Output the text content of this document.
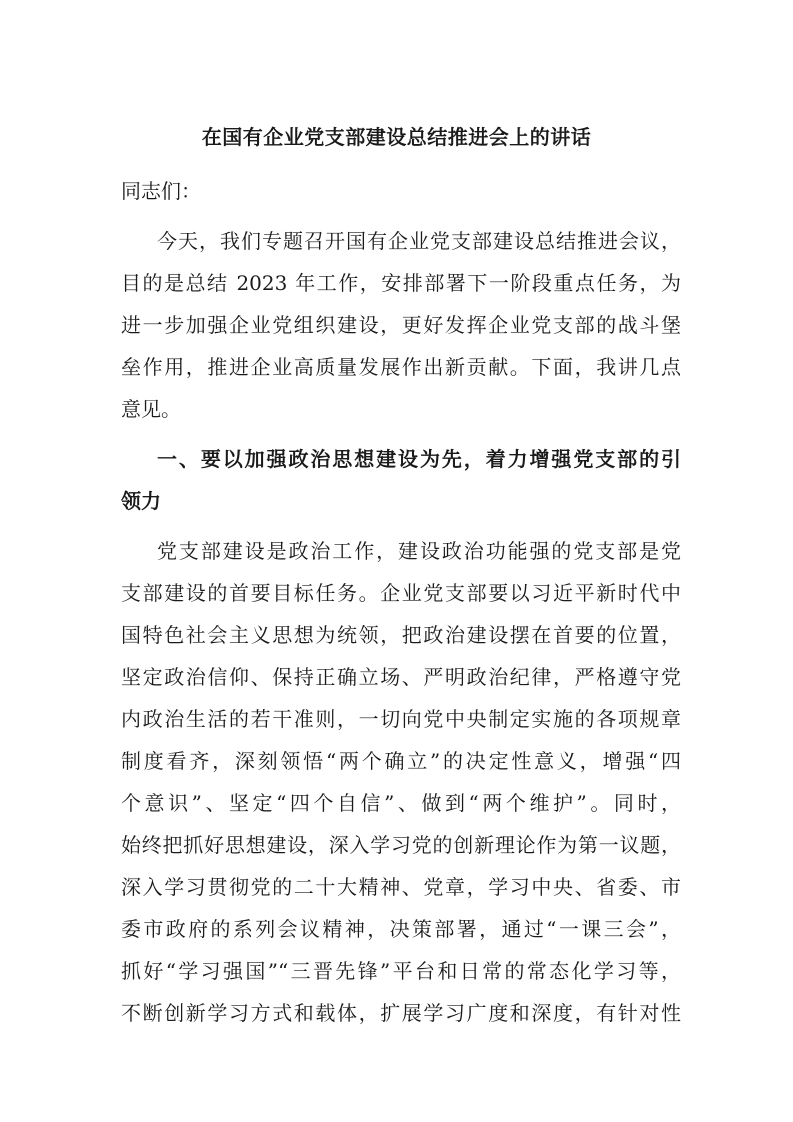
在国有企业党支部建设总结推进会上的讲话
同志们：
今天，我们专题召开国有企业党支部建设总结推进会议，
目的是总结 2023 年工作，安排部署下一阶段重点任务，为
进一步加强企业党组织建设，更好发挥企业党支部的战斗堡
垒作用，推进企业高质量发展作出新贡献。下面，我讲几点
意见。
一、要以加强政治思想建设为先，着力增强党支部的引
领力
党支部建设是政治工作，建设政治功能强的党支部是党
支部建设的首要目标任务。企业党支部要以习近平新时代中
国特色社会主义思想为统领，把政治建设摆在首要的位置，
坚定政治信仰、保持正确立场、严明政治纪律，严格遵守党
内政治生活的若干准则，一切向党中央制定实施的各项规章
制度看齐，深刻领悟“两个确立”的决定性意义，增强“四
个意识”、坚定“四个自信”、做到“两个维护”。同时，
始终把抓好思想建设，深入学习党的创新理论作为第一议题，
深入学习贯彻党的二十大精神、党章，学习中央、省委、市
委市政府的系列会议精神，决策部署，通过“一课三会”，
抓好“学习强国”“三晋先锋”平台和日常的常态化学习等，
不断创新学习方式和载体，扩展学习广度和深度，有针对性
